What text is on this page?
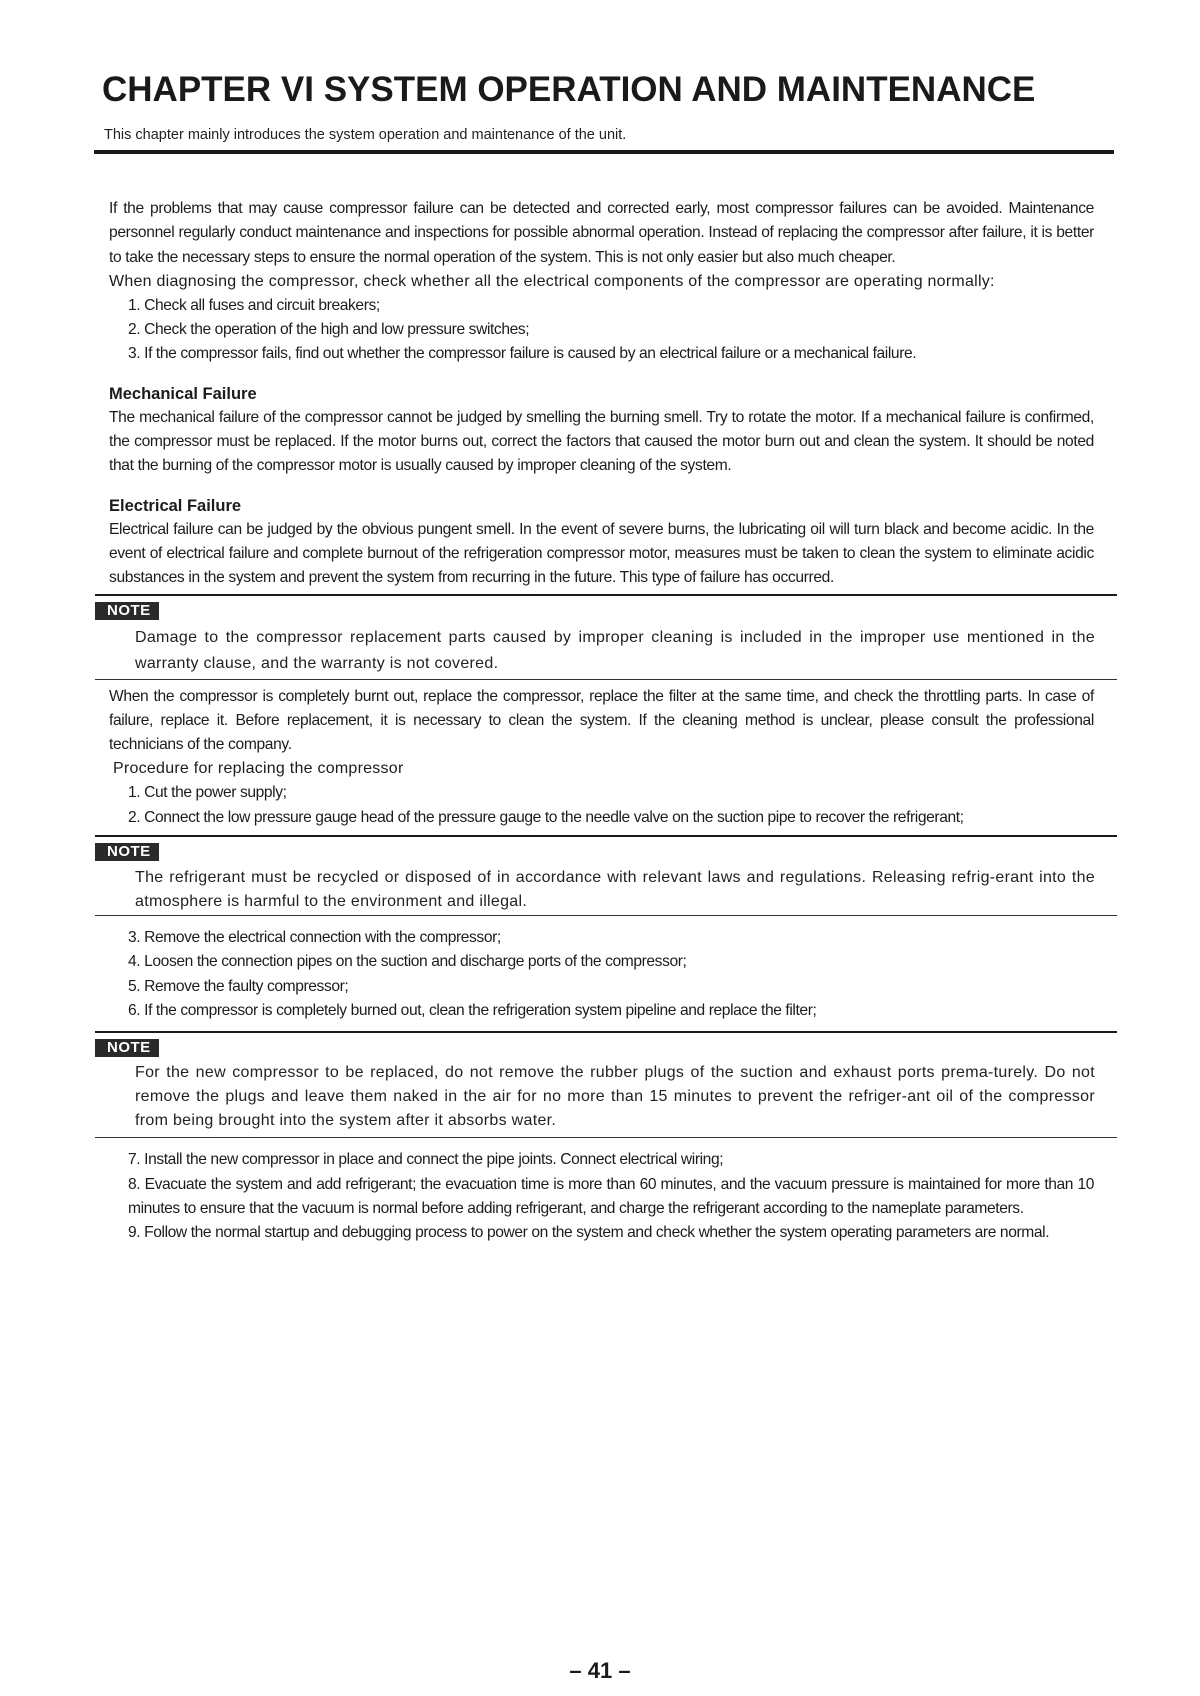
CHAPTER VI SYSTEM OPERATION AND MAINTENANCE

This chapter mainly introduces the system operation and maintenance of the unit.

If the problems that may cause compressor failure can be detected and corrected early, most compressor failures can be avoided. Maintenance personnel regularly conduct maintenance and inspections for possible abnormal operation. Instead of replacing the compressor after failure, it is better to take the necessary steps to ensure the normal operation of the system. This is not only easier but also much cheaper.

When diagnosing the compressor, check whether all the electrical components of the compressor are operating normally:

1. Check all fuses and circuit breakers;
2. Check the operation of the high and low pressure switches;
3. If the compressor fails, find out whether the compressor failure is caused by an electrical failure or a mechanical failure.

Mechanical Failure

The mechanical failure of the compressor cannot be judged by smelling the burning smell. Try to rotate the motor. If a mechanical failure is confirmed, the compressor must be replaced. If the motor burns out, correct the factors that caused the motor burn out and clean the system. It should be noted that the burning of the compressor motor is usually caused by improper cleaning of the system.

Electrical Failure

Electrical failure can be judged by the obvious pungent smell. In the event of severe burns, the lubricating oil will turn black and become acidic. In the event of electrical failure and complete burnout of the refrigeration compressor motor, measures must be taken to clean the system to eliminate acidic substances in the system and prevent the system from recurring in the future. This type of failure has occurred.

NOTE

Damage to the compressor replacement parts caused by improper cleaning is included in the improper use mentioned in the warranty clause, and the warranty is not covered.

When the compressor is completely burnt out, replace the compressor, replace the filter at the same time, and check the throttling parts. In case of failure, replace it. Before replacement, it is necessary to clean the system. If the cleaning method is unclear, please consult the professional technicians of the company.

Procedure for replacing the compressor

1. Cut the power supply;
2. Connect the low pressure gauge head of the pressure gauge to the needle valve on the suction pipe to recover the refrigerant;
NOTE

The refrigerant must be recycled or disposed of in accordance with relevant laws and regulations. Releasing refrig-erant into the atmosphere is harmful to the environment and illegal.

3. Remove the electrical connection with the compressor;
4. Loosen the connection pipes on the suction and discharge ports of the compressor;
5. Remove the faulty compressor;
6. If the compressor is completely burned out, clean the refrigeration system pipeline and replace the filter;
NOTE

For the new compressor to be replaced, do not remove the rubber plugs of the suction and exhaust ports prema-turely. Do not remove the plugs and leave them naked in the air for no more than 15 minutes to prevent the refriger-ant oil of the compressor from being brought into the system after it absorbs water.

7. Install the new compressor in place and connect the pipe joints. Connect electrical wiring;
8. Evacuate the system and add refrigerant; the evacuation time is more than 60 minutes, and the vacuum pressure is maintained for more than 10 minutes to ensure that the vacuum is normal before adding refrigerant, and charge the refrigerant according to the nameplate parameters.
9. Follow the normal startup and debugging process to power on the system and check whether the system operating parameters are normal.
– 41 –
